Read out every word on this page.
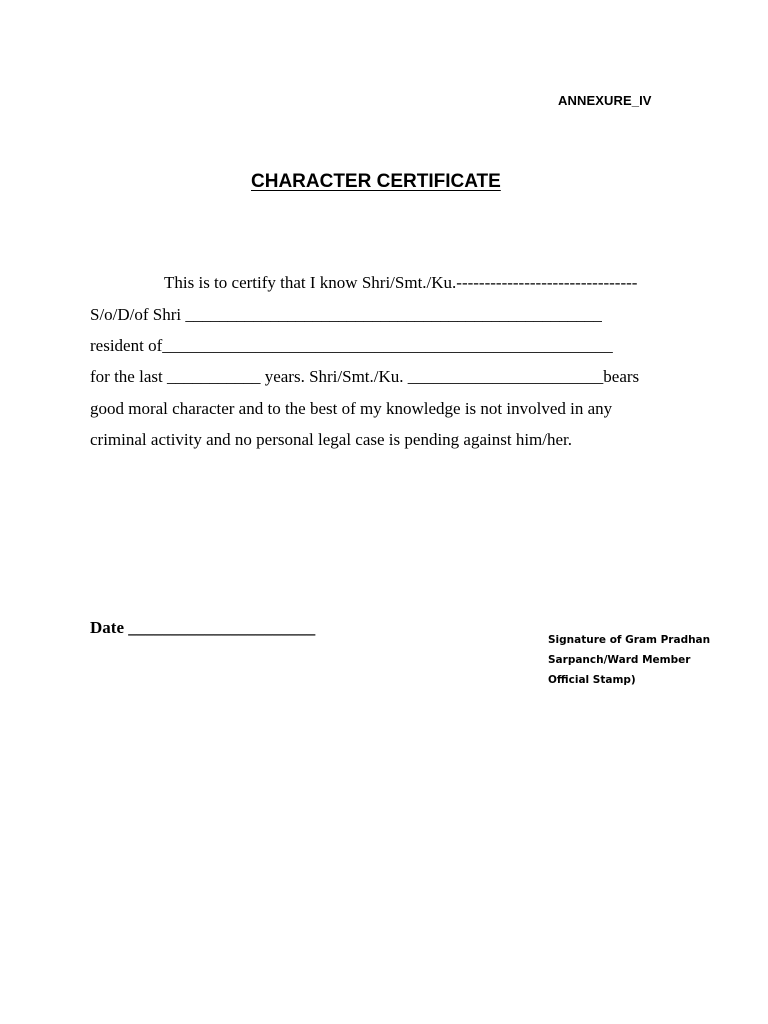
ANNEXURE_IV
CHARACTER CERTIFICATE
This is to certify that I know Shri/Smt./Ku.--------------------------------
S/o/D/of Shri _________________________________________________
resident of_____________________________________________________
for the last ___________ years. Shri/Smt./Ku. _______________________bears
good moral character and to the best of my knowledge is not involved in any
criminal activity and no personal legal case is pending against him/her.
Date ______________________
Signature of Gram Pradhan
Sarpanch/Ward Member
Official Stamp)
